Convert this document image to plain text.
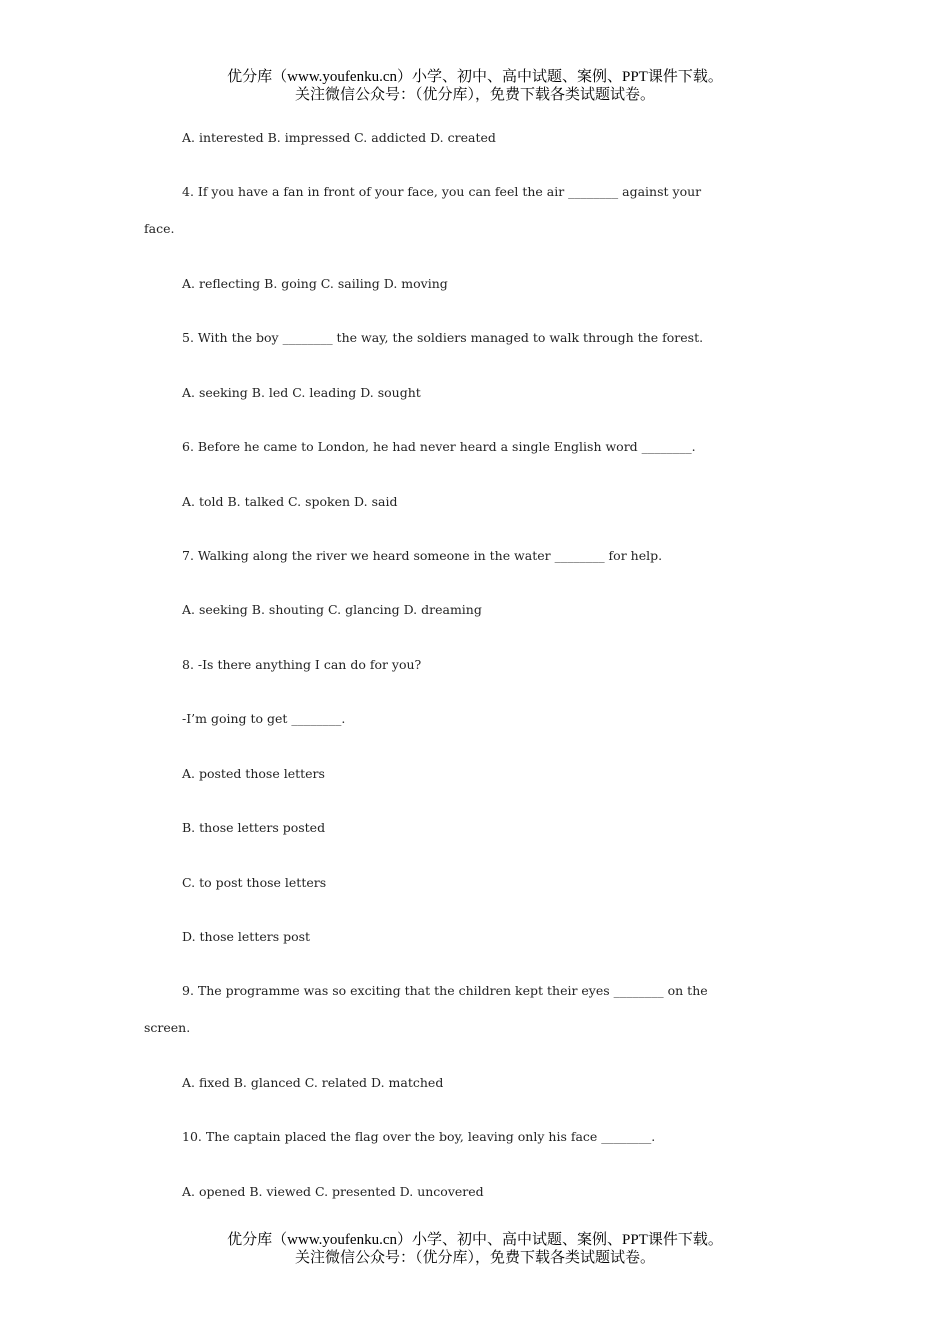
优分库（www.youfenku.cn）小学、初中、高中试题、案例、PPT课件下载。
关注微信公众号：（优分库），免费下载各类试题试卷。
A. interested B. impressed C. addicted D. created
4. If you have a fan in front of your face, you can feel the air ________ against your
face.
A. reflecting B. going C. sailing D. moving
5. With the boy ________ the way, the soldiers managed to walk through the forest.
A. seeking B. led C. leading D. sought
6. Before he came to London, he had never heard a single English word ________.
A. told B. talked C. spoken D. said
7. Walking along the river we heard someone in the water ________ for help.
A. seeking B. shouting C. glancing D. dreaming
8. -Is there anything I can do for you?
-I’m going to get ________.
A. posted those letters
B. those letters posted
C. to post those letters
D. those letters post
9. The programme was so exciting that the children kept their eyes ________ on the
screen.
A. fixed B. glanced C. related D. matched
10. The captain placed the flag over the boy, leaving only his face ________.
A. opened B. viewed C. presented D. uncovered
优分库（www.youfenku.cn）小学、初中、高中试题、案例、PPT课件下载。
关注微信公众号：（优分库），免费下载各类试题试卷。
